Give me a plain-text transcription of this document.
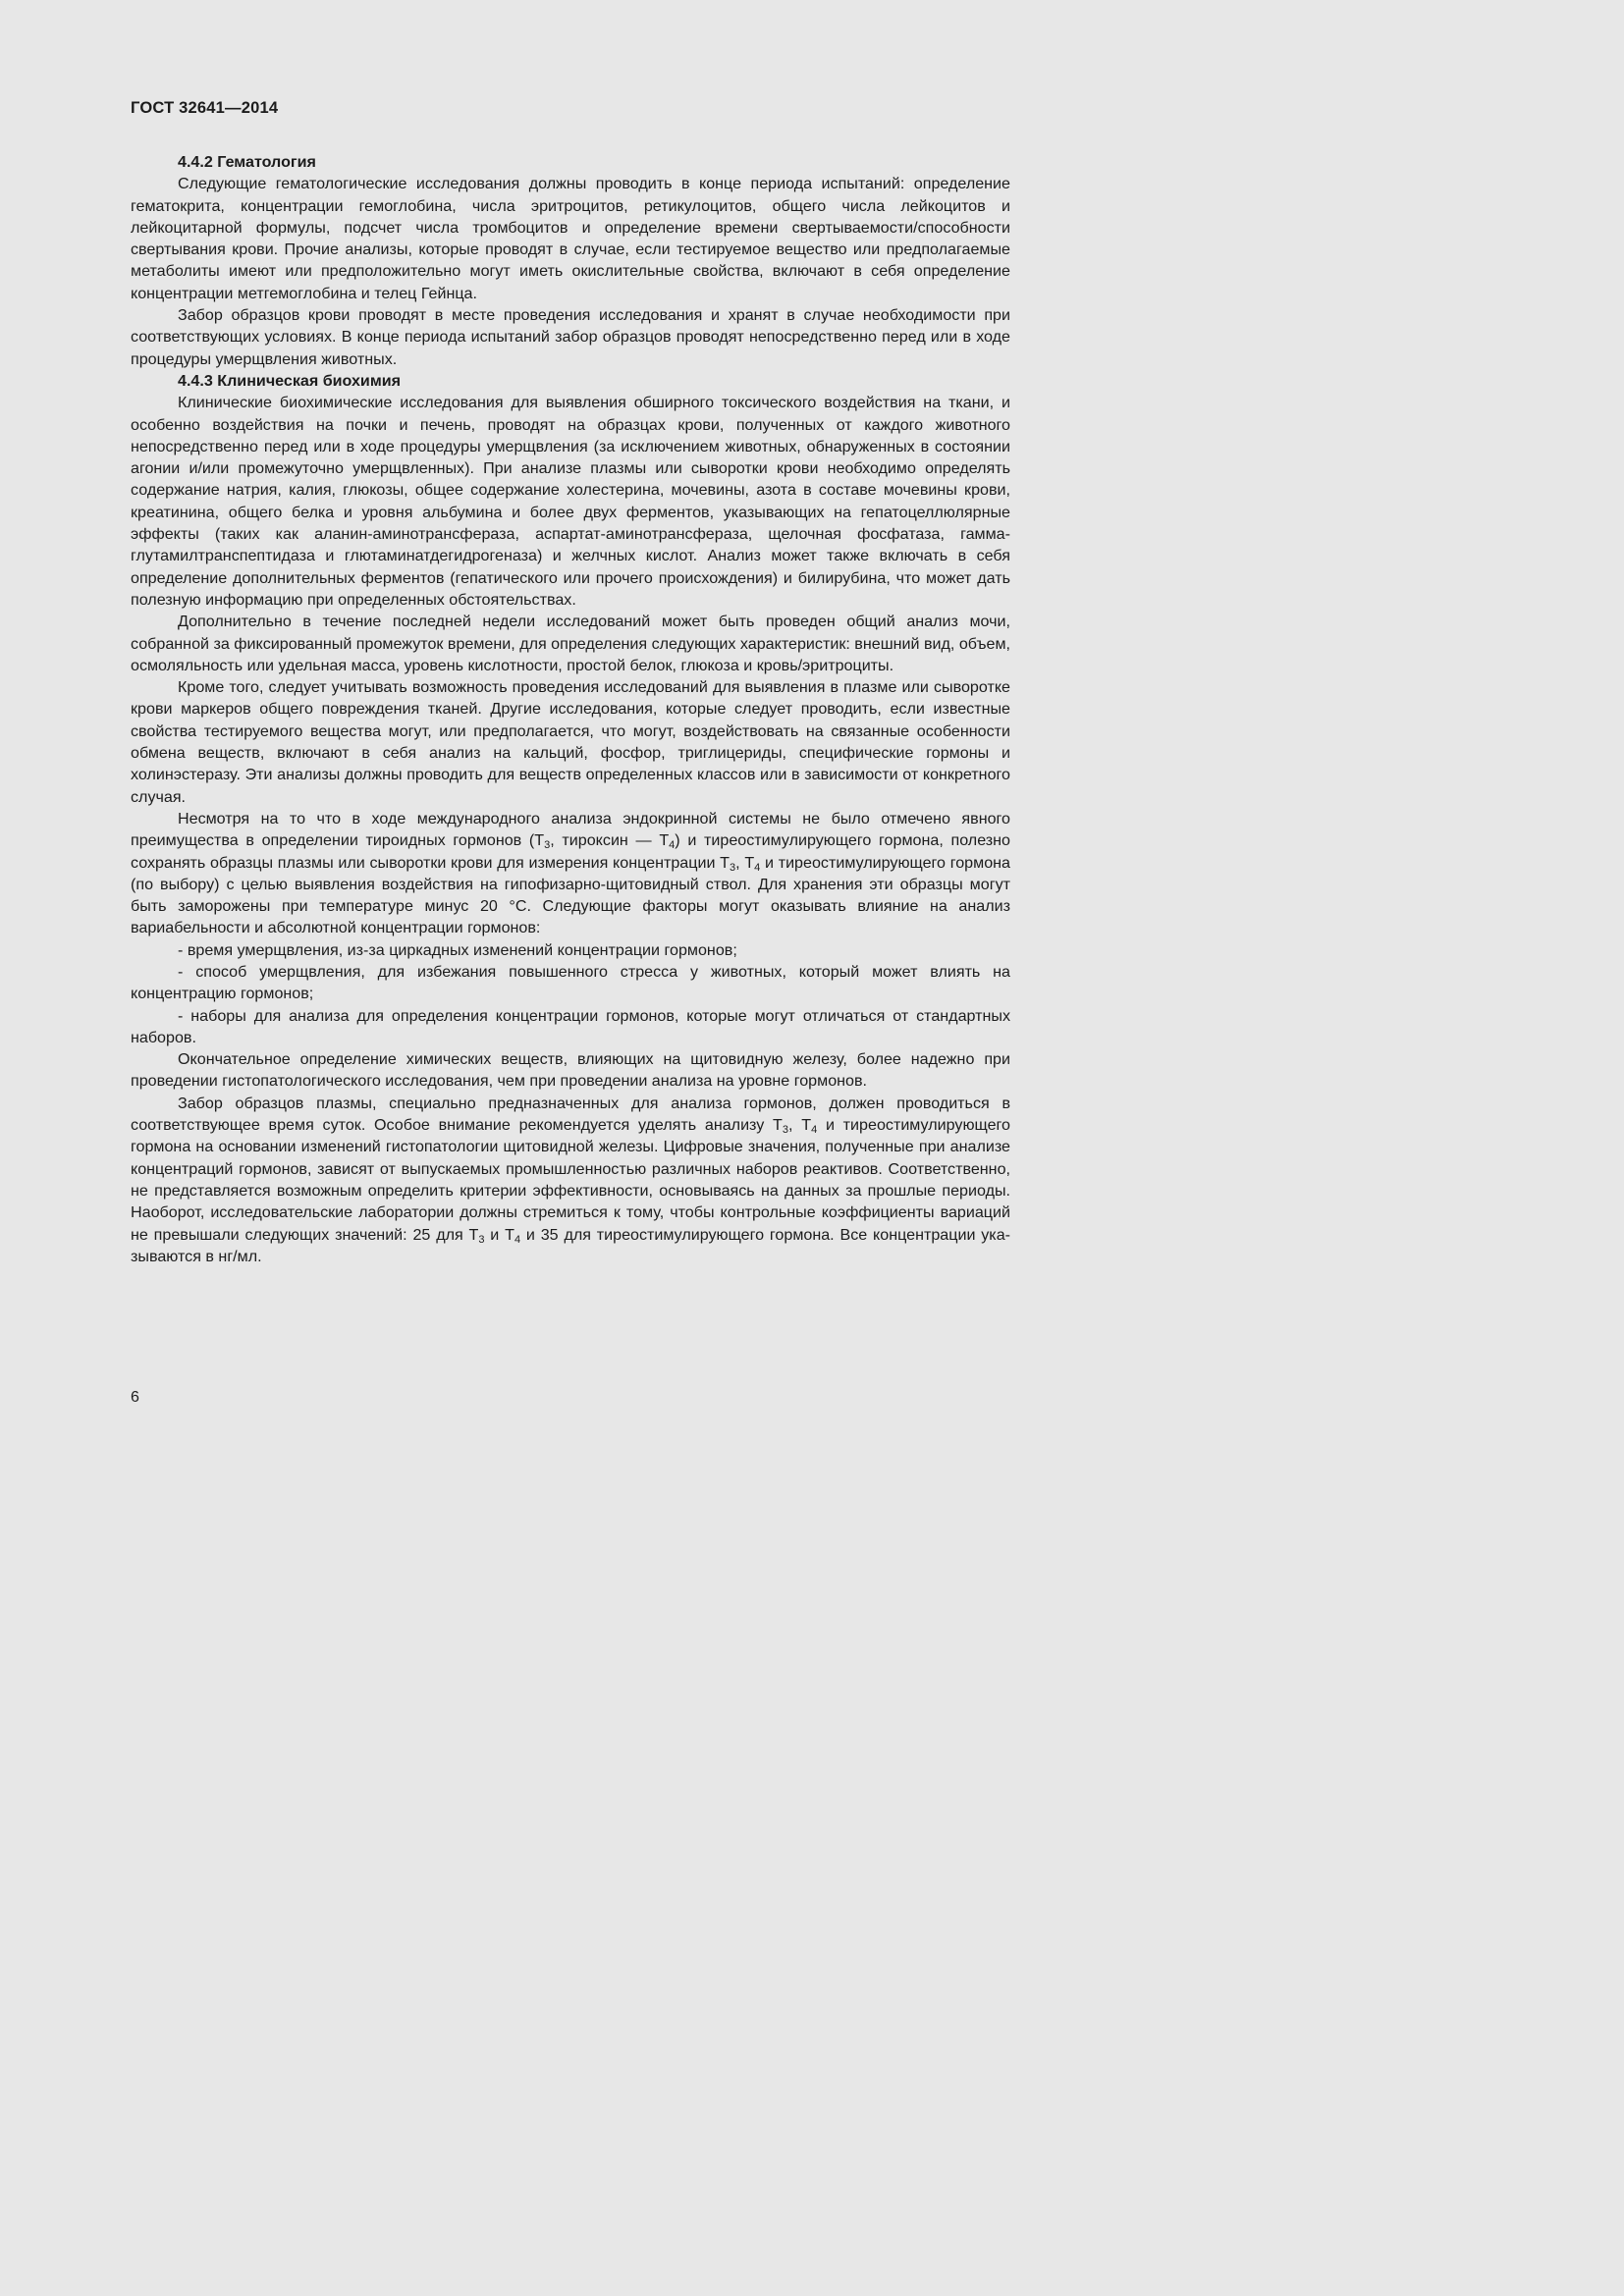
ГОСТ 32641—2014
4.4.2 Гематология

Следующие гематологические исследования должны проводить в конце периода испытаний: определение гематокрита, концентрации гемоглобина, числа эритроцитов, ретикулоцитов, общего числа лейкоцитов и лейкоцитарной формулы, подсчет числа тромбоцитов и определение времени свертываемости/способности свертывания крови. Прочие анализы, которые проводят в случае, если тестируемое вещество или предполагаемые метаболиты имеют или предположительно могут иметь окислительные свойства, включают в себя определение концентрации метгемоглобина и телец Гейнца.

Забор образцов крови проводят в месте проведения исследования и хранят в случае необходимости при соответствующих условиях. В конце периода испытаний забор образцов проводят непосредственно перед или в ходе процедуры умерщвления животных.

4.4.3 Клиническая биохимия

Клинические биохимические исследования для выявления обширного токсического воздействия на ткани, и особенно воздействия на почки и печень, проводят на образцах крови, полученных от каждого животного непосредственно перед или в ходе процедуры умерщвления (за исключением животных, обнаруженных в состоянии агонии и/или промежуточно умерщвленных). При анализе плазмы или сыворотки крови необходимо определять содержание натрия, калия, глюкозы, общее содержание холестерина, мочевины, азота в составе мочевины крови, креатинина, общего белка и уровня альбумина и более двух ферментов, указывающих на гепатоцеллюлярные эффекты (таких как аланин-аминотрансфераза, аспартат-аминотрансфераза, щелочная фосфатаза, гамма-глутамилтранспептидаза и глютаминатдегидрогеназа) и желчных кислот. Анализ может также включать в себя определение дополнительных ферментов (гепатического или прочего происхождения) и билирубина, что может дать полезную информацию при определенных обстоятельствах.

Дополнительно в течение последней недели исследований может быть проведен общий анализ мочи, собранной за фиксированный промежуток времени, для определения следующих характеристик: внешний вид, объем, осмоляльность или удельная масса, уровень кислотности, простой белок, глюкоза и кровь/эритроциты.

Кроме того, следует учитывать возможность проведения исследований для выявления в плазме или сыворотке крови маркеров общего повреждения тканей. Другие исследования, которые следует проводить, если известные свойства тестируемого вещества могут, или предполагается, что могут, воздействовать на связанные особенности обмена веществ, включают в себя анализ на кальций, фосфор, триглицериды, специфические гормоны и холинэстеразу. Эти анализы должны проводить для веществ определенных классов или в зависимости от конкретного случая.

Несмотря на то что в ходе международного анализа эндокринной системы не было отмечено явного преимущества в определении тироидных гормонов ($Т_3$, тироксин — $Т_4$) и тиреостимулирующего гормона, полезно сохранять образцы плазмы или сыворотки крови для измерения концентрации $Т_3$, $Т_4$ и тиреостимулирующего гормона (по выбору) с целью выявления воздействия на гипофизарно-щитовидный ствол. Для хранения эти образцы могут быть заморожены при температуре минус 20 °С. Следующие факторы могут оказывать влияние на анализ вариабельности и абсолютной концентрации гормонов:

- время умерщвления, из-за циркадных изменений концентрации гормонов;

- способ умерщвления, для избежания повышенного стресса у животных, который может влиять на концентрацию гормонов;

- наборы для анализа для определения концентрации гормонов, которые могут отличаться от стандартных наборов.

Окончательное определение химических веществ, влияющих на щитовидную железу, более надежно при проведении гистопатологического исследования, чем при проведении анализа на уровне гормонов.

Забор образцов плазмы, специально предназначенных для анализа гормонов, должен проводиться в соответствующее время суток. Особое внимание рекомендуется уделять анализу $Т_3$, $Т_4$ и тиреостимулирующего гормона на основании изменений гистопатологии щитовидной железы. Цифровые значения, полученные при анализе концентраций гормонов, зависят от выпускаемых промышленностью различных наборов реактивов. Соответственно, не представляется возможным определить критерии эффективности, основываясь на данных за прошлые периоды. Наоборот, исследовательские лаборатории должны стремиться к тому, чтобы контрольные коэффициенты вариаций не превышали следующих значений: 25 для $Т_3$ и $Т_4$ и 35 для тиреостимулирующего гормона. Все концентрации указываются в нг/мл.

6
